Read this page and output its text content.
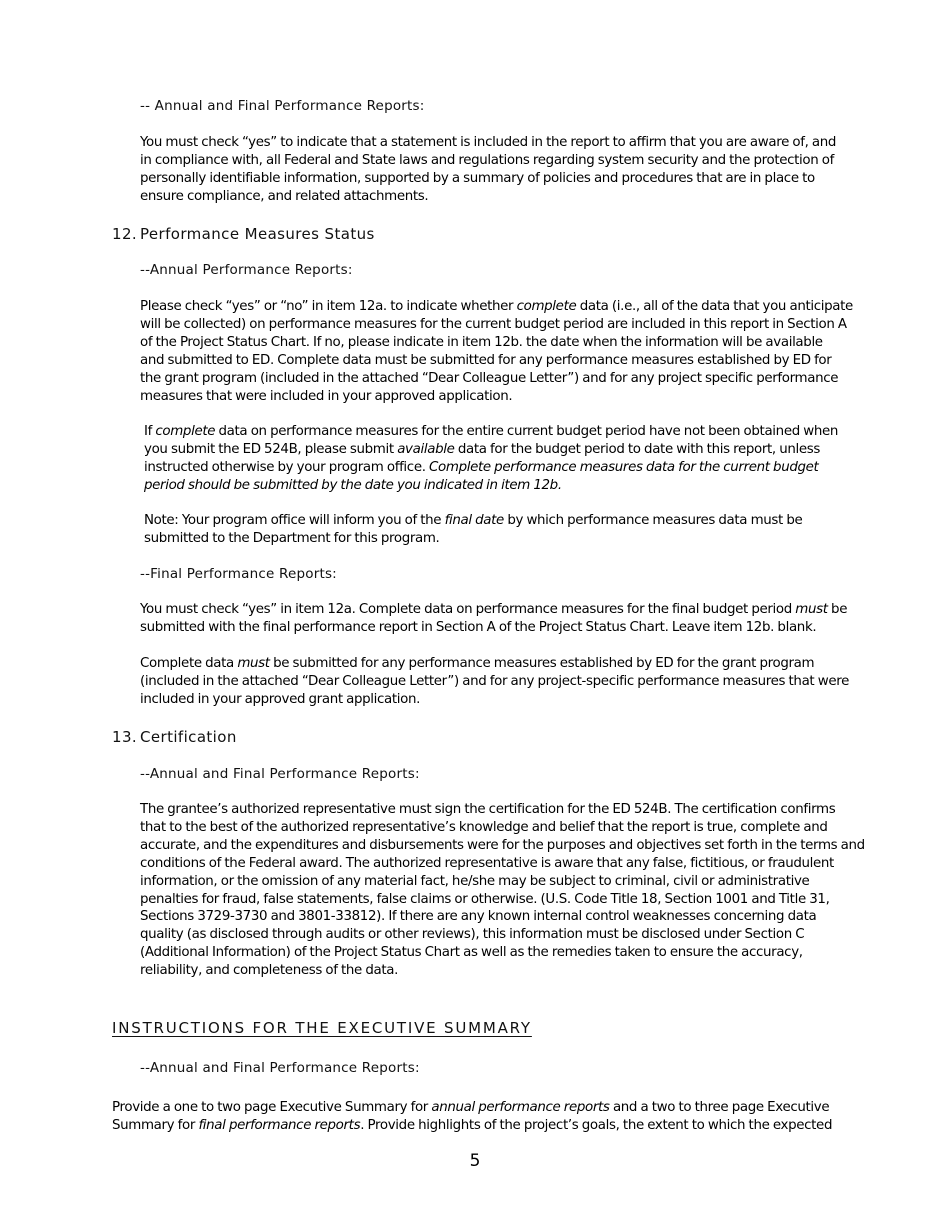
-- Annual and Final Performance Reports:

You must check “yes” to indicate that a statement is included in the report to affirm that you are aware of, and

in compliance with, all Federal and State laws and regulations regarding system security and the protection of

personally identifiable information, supported by a summary of policies and procedures that are in place to

ensure compliance, and related attachments.

12. Performance Measures Status
--Annual Performance Reports:

Please check “yes” or “no” in item 12a. to indicate whether complete data (i.e., all of the data that you anticipate

will be collected) on performance measures for the current budget period are included in this report in Section A

of the Project Status Chart. If no, please indicate in item 12b. the date when the information will be available

and submitted to ED. Complete data must be submitted for any performance measures established by ED for

the grant program (included in the attached “Dear Colleague Letter”) and for any project specific performance

measures that were included in your approved application.

If complete data on performance measures for the entire current budget period have not been obtained when

you submit the ED 524B, please submit available data for the budget period to date with this report, unless

instructed otherwise by your program office. Complete performance measures data for the current budget

period should be submitted by the date you indicated in item 12b.

Note: Your program office will inform you of the final date by which performance measures data must be

submitted to the Department for this program.

--Final Performance Reports:

You must check “yes” in item 12a. Complete data on performance measures for the final budget period must be

submitted with the final performance report in Section A of the Project Status Chart. Leave item 12b. blank.

Complete data must be submitted for any performance measures established by ED for the grant program

(included in the attached “Dear Colleague Letter”) and for any project-specific performance measures that were

included in your approved grant application.

13. Certification
--Annual and Final Performance Reports:

The grantee’s authorized representative must sign the certification for the ED 524B. The certification confirms

that to the best of the authorized representative’s knowledge and belief that the report is true, complete and

accurate, and the expenditures and disbursements were for the purposes and objectives set forth in the terms and

conditions of the Federal award. The authorized representative is aware that any false, fictitious, or fraudulent

information, or the omission of any material fact, he/she may be subject to criminal, civil or administrative

penalties for fraud, false statements, false claims or otherwise. (U.S. Code Title 18, Section 1001 and Title 31,

Sections 3729-3730 and 3801-33812). If there are any known internal control weaknesses concerning data

quality (as disclosed through audits or other reviews), this information must be disclosed under Section C

(Additional Information) of the Project Status Chart as well as the remedies taken to ensure the accuracy,

reliability, and completeness of the data.

INSTRUCTIONS FOR THE EXECUTIVE SUMMARY
--Annual and Final Performance Reports:

Provide a one to two page Executive Summary for annual performance reports and a two to three page Executive

Summary for final performance reports. Provide highlights of the project’s goals, the extent to which the expected

5
